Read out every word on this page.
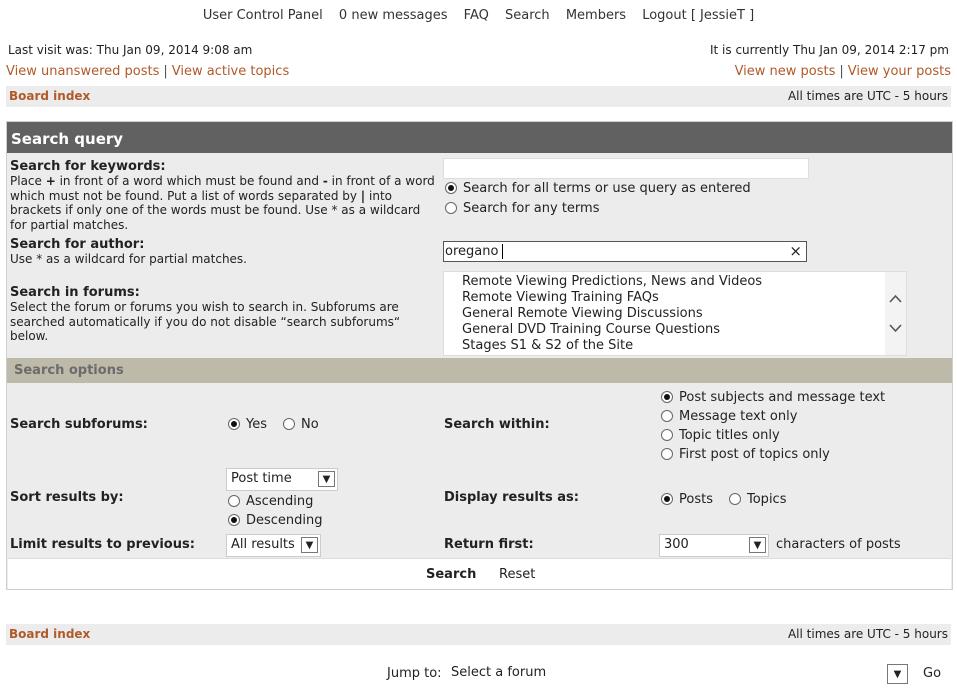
User Control Panel 0 new messages FAQ Search Members Logout [ JessieT ]
Last visit was: Thu Jan 09, 2014 9:08 am	It is currently Thu Jan 09, 2014 2:17 pm
View unanswered posts | View active topics	View new posts | View your posts
Board index	All times are UTC - 5 hours
Search query
Search for keywords:
Place + in front of a word which must be found and - in front of a word which must not be found. Put a list of words separated by | into brackets if only one of the words must be found. Use * as a wildcard for partial matches.
Search for all terms or use query as entered
Search for any terms
Search for author:
Use * as a wildcard for partial matches.	oregano	×
Search in forums:
Select the forum or forums you wish to search in. Subforums are searched automatically if you do not disable “search subforums“ below.
Remote Viewing Predictions, News and Videos
Remote Viewing Training FAQs
General Remote Viewing Discussions
General DVD Training Course Questions
Stages S1 & S2 of the Site
Search options
Search subforums:	Yes	No	Search within:
Post subjects and message text
Message text only
Topic titles only
First post of topics only
Sort results by:
Post time	▼
Ascending
Descending
Display results as:	Posts	Topics
Limit results to previous:	All results	▼	Return first:	300	▼	characters of posts
Search Reset
Board index	All times are UTC - 5 hours
Jump to: Select a forum	▼	Go
